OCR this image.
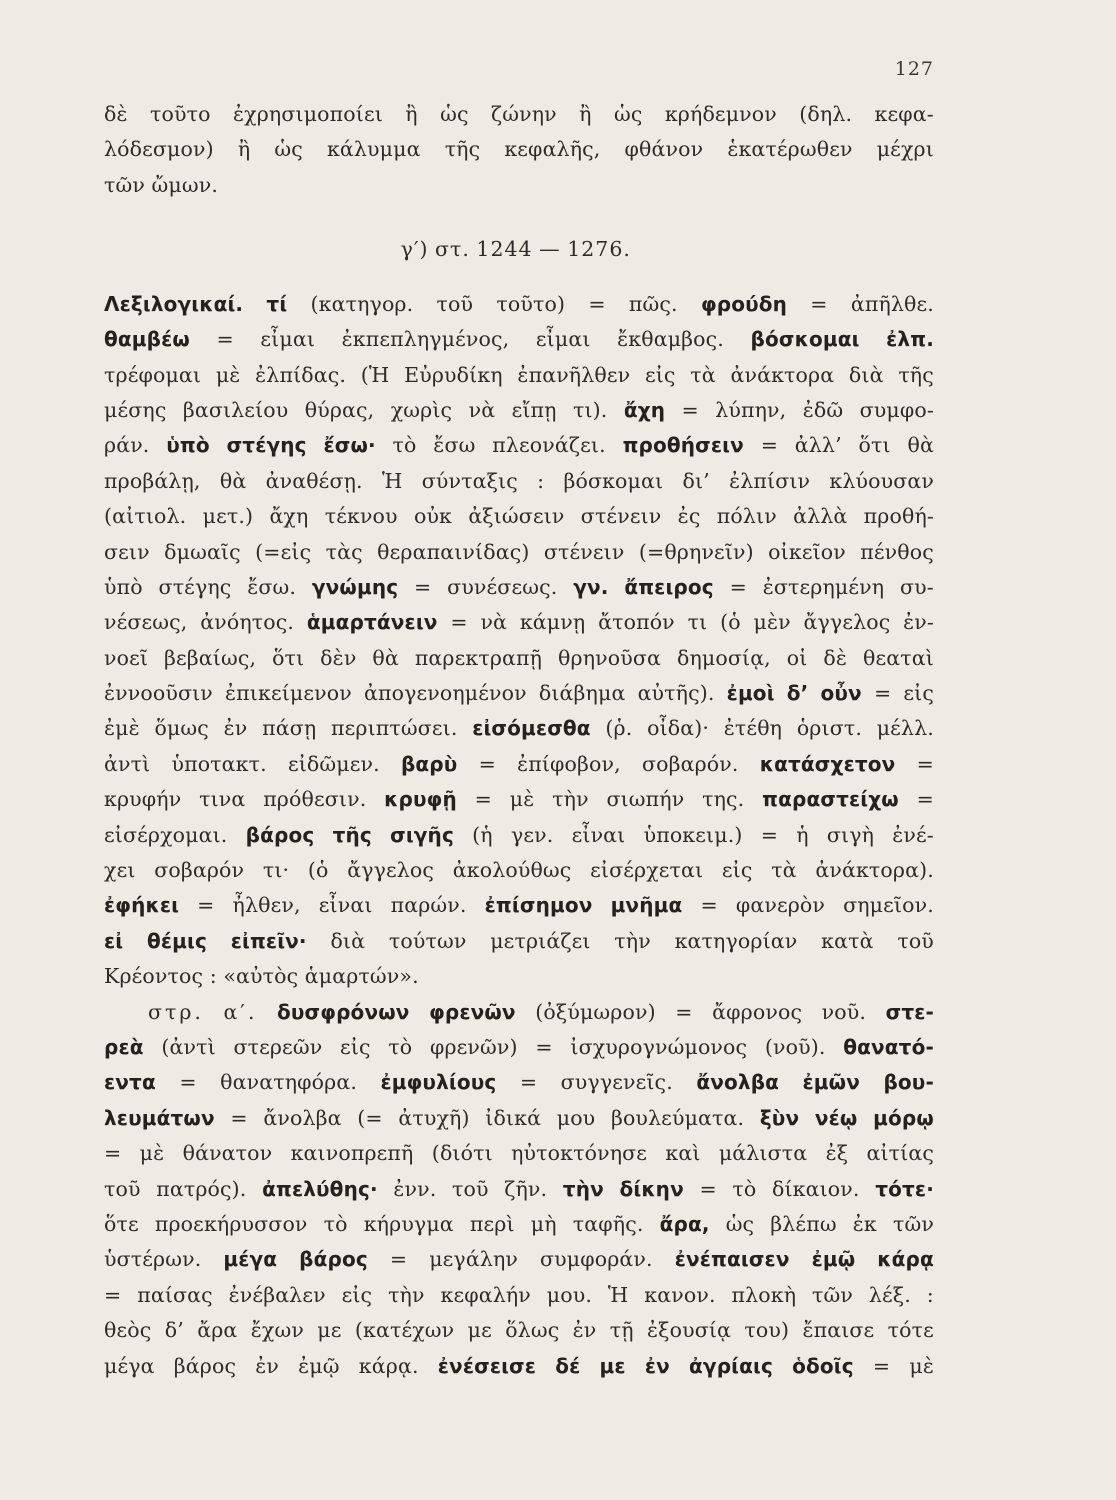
127
δὲ τοῦτο ἐχρησιμοποίει ἢ ὡς ζώνην ἢ ὡς κρήδεμνον (δηλ. κεφα-
λόδεσμον) ἢ ὡς κάλυμμα τῆς κεφαλῆς, φθάνον ἑκατέρωθεν μέχρι
τῶν ὤμων.
γ′) στ. 1244 — 1276.
Λεξιλογικαί. τί (κατηγορ. τοῦ τοῦτο) = πῶς. φρούδη = ἀπῆλθε.
θαμβέω = εἶμαι ἐκπεπληγμένος, εἶμαι ἔκθαμβος. βόσκομαι ἐλπ.
τρέφομαι μὲ ἐλπίδας. (Ἡ Εὐρυδίκη ἐπανῆλθεν εἰς τὰ ἀνάκτορα διὰ τῆς
μέσης βασιλείου θύρας, χωρὶς νὰ εἴπῃ τι). ἄχη = λύπην, ἐδῶ συμφο-
ράν. ὑπὸ στέγης ἔσω· τὸ ἔσω πλεονάζει. προθήσειν = ἀλλ’ ὅτι θὰ
προβάλῃ, θὰ ἀναθέσῃ. Ἡ σύνταξις : βόσκομαι δι’ ἐλπίσιν κλύουσαν
(αἰτιολ. μετ.) ἄχη τέκνου οὐκ ἀξιώσειν στένειν ἐς πόλιν ἀλλὰ προθή-
σειν δμωαῖς (=εἰς τὰς θεραπαινίδας) στένειν (=θρηνεῖν) οἰκεῖον πένθος
ὑπὸ στέγης ἔσω. γνώμης = συνέσεως. γν. ἄπειρος = ἐστερημένη συ-
νέσεως, ἀνόητος. ἁμαρτάνειν = νὰ κάμνῃ ἄτοπόν τι (ὁ μὲν ἄγγελος ἐν-
νοεῖ βεβαίως, ὅτι δὲν θὰ παρεκτραπῇ θρηνοῦσα δημοσίᾳ, οἱ δὲ θεαταὶ
ἐννοοῦσιν ἐπικείμενον ἀπογενοημένον διάβημα αὐτῆς). ἐμοὶ δ’ οὖν = εἰς
ἐμὲ ὅμως ἐν πάσῃ περιπτώσει. εἰσόμεσθα (ῥ. οἶδα)· ἐτέθη ὁριστ. μέλλ.
ἀντὶ ὑποτακτ. εἰδῶμεν. βαρὺ = ἐπίφοβον, σοβαρόν. κατάσχετον =
κρυφήν τινα πρόθεσιν. κρυφῇ = μὲ τὴν σιωπήν της. παραστείχω =
εἰσέρχομαι. βάρος τῆς σιγῆς (ἡ γεν. εἶναι ὑποκειμ.) = ἡ σιγὴ ἐνέ-
χει σοβαρόν τι· (ὁ ἄγγελος ἀκολούθως εἰσέρχεται εἰς τὰ ἀνάκτορα).
ἐφήκει = ἦλθεν, εἶναι παρών. ἐπίσημον μνῆμα = φανερὸν σημεῖον.
εἰ θέμις εἰπεῖν· διὰ τούτων μετριάζει τὴν κατηγορίαν κατὰ τοῦ
Κρέοντος : «αὐτὸς ἁμαρτών».
στρ. α′. δυσφρόνων φρενῶν (ὀξύμωρον) = ἄφρονος νοῦ. στε-
ρεὰ (ἀντὶ στερεῶν εἰς τὸ φρενῶν) = ἰσχυρογνώμονος (νοῦ). θανατό-
εντα = θανατηφόρα. ἐμφυλίους = συγγενεῖς. ἄνολβα ἐμῶν βου-
λευμάτων = ἄνολβα (= ἀτυχῆ) ἰδικά μου βουλεύματα. ξὺν νέῳ μόρῳ
= μὲ θάνατον καινοπρεπῆ (διότι ηὐτοκτόνησε καὶ μάλιστα ἐξ αἰτίας
τοῦ πατρός). ἀπελύθης· ἐνν. τοῦ ζῆν. τὴν δίκην = τὸ δίκαιον. τότε·
ὅτε προεκήρυσσον τὸ κήρυγμα περὶ μὴ ταφῆς. ἄρα, ὡς βλέπω ἐκ τῶν
ὑστέρων. μέγα βάρος = μεγάλην συμφοράν. ἐνέπαισεν ἐμῷ κάρᾳ
= παίσας ἐνέβαλεν εἰς τὴν κεφαλήν μου. Ἡ κανον. πλοκὴ τῶν λέξ. :
θεὸς δ’ ἄρα ἔχων με (κατέχων με ὅλως ἐν τῇ ἐξουσίᾳ του) ἔπαισε τότε
μέγα βάρος ἐν ἐμῷ κάρᾳ. ἐνέσεισε δέ με ἐν ἀγρίαις ὁδοῖς = μὲ
